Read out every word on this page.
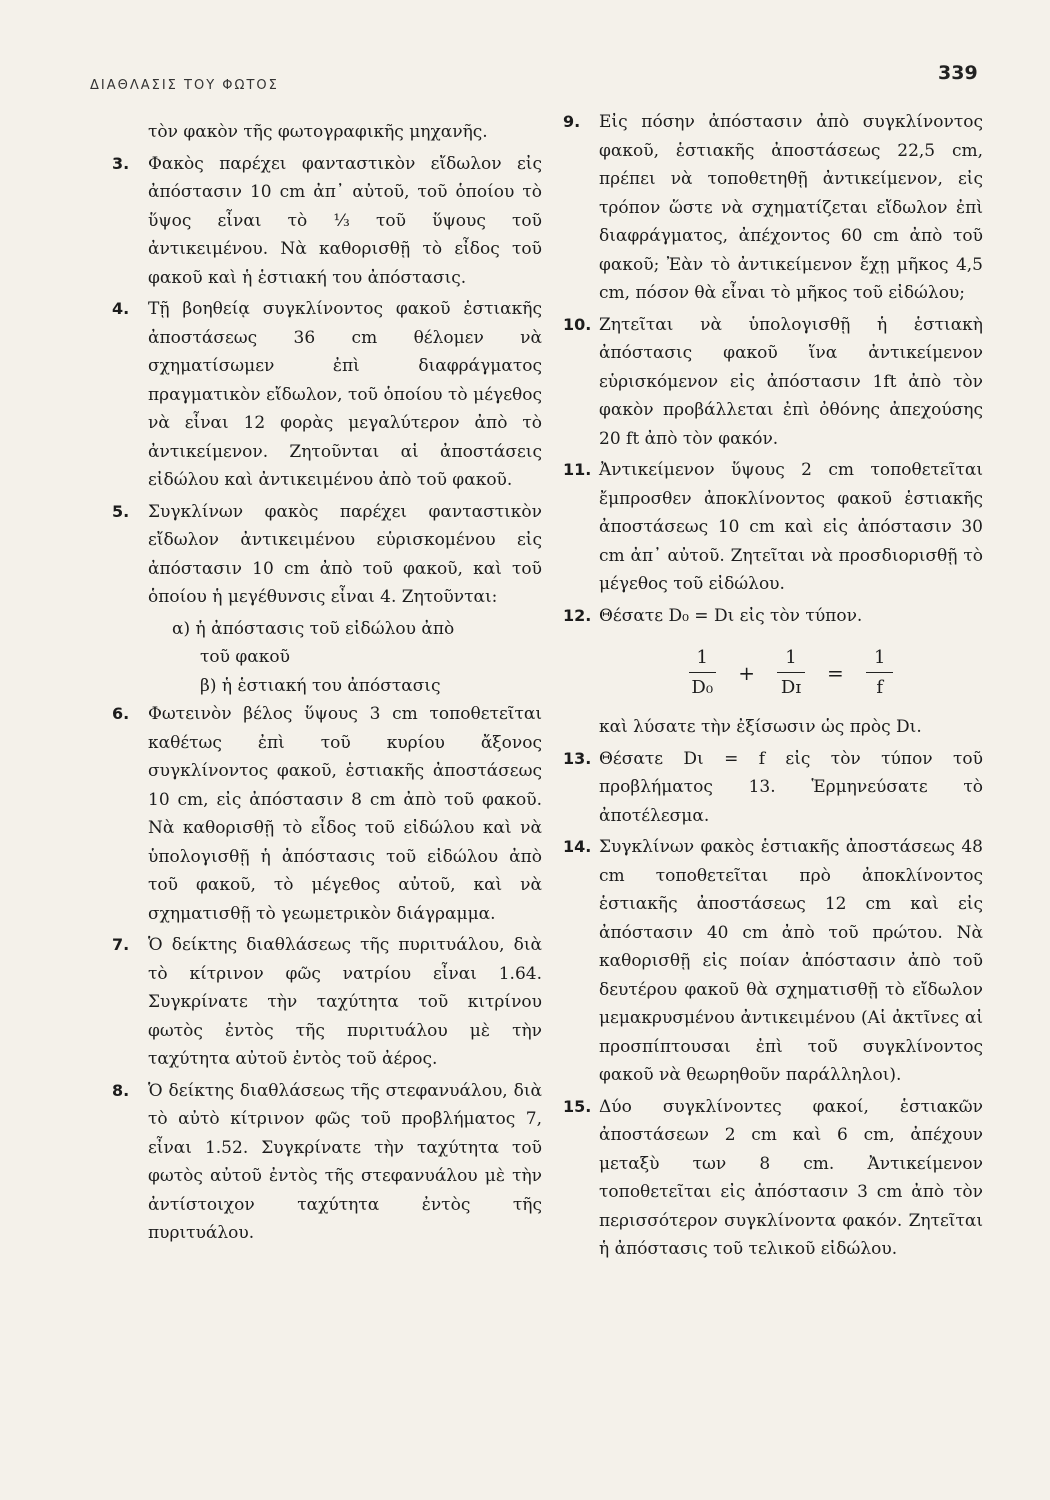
ΔΙΑΘΛΑΣΙΣ ΤΟΥ ΦΩΤΟΣ
339

τὸν φακὸν τῆς φωτογραφικῆς μηχανῆς.

3. Φακὸς παρέχει φανταστικὸν εἴδωλον εἰς ἀπόστασιν 10 cm ἀπ᾽ αὐτοῦ, τοῦ ὁποίου τὸ ὕψος εἶναι τὸ ⅓ τοῦ ὕψους τοῦ ἀντικειμένου. Νὰ καθορισθῇ τὸ εἶδος τοῦ φακοῦ καὶ ἡ ἑστιακή του ἀπόστασις.
4. Τῇ βοηθείᾳ συγκλίνοντος φακοῦ ἑστιακῆς ἀποστάσεως 36 cm θέλομεν νὰ σχηματίσωμεν ἐπὶ διαφράγματος πραγματικὸν εἴδωλον, τοῦ ὁποίου τὸ μέγεθος νὰ εἶναι 12 φορὰς μεγαλύτερον ἀπὸ τὸ ἀντικείμενον. Ζητοῦνται αἱ ἀποστάσεις εἰδώλου καὶ ἀντικειμένου ἀπὸ τοῦ φακοῦ.
5. Συγκλίνων φακὸς παρέχει φανταστικὸν εἴδωλον ἀντικειμένου εὑρισκομένου εἰς ἀπόστασιν 10 cm ἀπὸ τοῦ φακοῦ, καὶ τοῦ ὁποίου ἡ μεγέθυνσις εἶναι 4. Ζητοῦνται:

α) ἡ ἀπόστασις τοῦ εἰδώλου ἀπὸ

τοῦ φακοῦ

β) ἡ ἑστιακή του ἀπόστασις

6. Φωτεινὸν βέλος ὕψους 3 cm τοποθετεῖται καθέτως ἐπὶ τοῦ κυρίου ἄξονος συγκλίνοντος φακοῦ, ἑστιακῆς ἀποστάσεως 10 cm, εἰς ἀπόστασιν 8 cm ἀπὸ τοῦ φακοῦ. Νὰ καθορισθῇ τὸ εἶδος τοῦ εἰδώλου καὶ νὰ ὑπολογισθῇ ἡ ἀπόστασις τοῦ εἰδώλου ἀπὸ τοῦ φακοῦ, τὸ μέγεθος αὐτοῦ, καὶ νὰ σχηματισθῇ τὸ γεωμετρικὸν διάγραμμα.
7. Ὁ δείκτης διαθλάσεως τῆς πυριτυάλου, διὰ τὸ κίτρινον φῶς νατρίου εἶναι 1.64. Συγκρίνατε τὴν ταχύτητα τοῦ κιτρίνου φωτὸς ἐντὸς τῆς πυριτυάλου μὲ τὴν ταχύτητα αὐτοῦ ἐντὸς τοῦ ἀέρος.
8. Ὁ δείκτης διαθλάσεως τῆς στεφανυάλου, διὰ τὸ αὐτὸ κίτρινον φῶς τοῦ προβλήματος 7, εἶναι 1.52. Συγκρίνατε τὴν ταχύτητα τοῦ φωτὸς αὐτοῦ ἐντὸς τῆς στεφανυάλου μὲ τὴν ἀντίστοιχον ταχύτητα ἐντὸς τῆς πυριτυάλου.
9. Εἰς πόσην ἀπόστασιν ἀπὸ συγκλίνοντος φακοῦ, ἑστιακῆς ἀποστάσεως 22,5 cm, πρέπει νὰ τοποθετηθῇ ἀντικείμενον, εἰς τρόπον ὥστε νὰ σχηματίζεται εἴδωλον ἐπὶ διαφράγματος, ἀπέχοντος 60 cm ἀπὸ τοῦ φακοῦ; Ἐὰν τὸ ἀντικείμενον ἔχῃ μῆκος 4,5 cm, πόσον θὰ εἶναι τὸ μῆκος τοῦ εἰδώλου;
10. Ζητεῖται νὰ ὑπολογισθῇ ἡ ἑστιακὴ ἀπόστασις φακοῦ ἵνα ἀντικείμενον εὑρισκόμενον εἰς ἀπόστασιν 1ft ἀπὸ τὸν φακὸν προβάλλεται ἐπὶ ὀθόνης ἀπεχούσης 20 ft ἀπὸ τὸν φακόν.
11. Ἀντικείμενον ὕψους 2 cm τοποθετεῖται ἔμπροσθεν ἀποκλίνοντος φακοῦ ἑστιακῆς ἀποστάσεως 10 cm καὶ εἰς ἀπόστασιν 30 cm ἀπ᾽ αὐτοῦ. Ζητεῖται νὰ προσδιορισθῇ τὸ μέγεθος τοῦ εἰδώλου.
12. Θέσατε D₀ = Dι εἰς τὸν τύπον.
$\frac{1}{\text{D₀}} + \frac{1}{\text{Dɪ}} = \frac{1}{f}$

καὶ λύσατε τὴν ἐξίσωσιν ὡς πρὸς Dι.

13. Θέσατε Dι = f εἰς τὸν τύπον τοῦ προβλήματος 13. Ἑρμηνεύσατε τὸ ἀποτέλεσμα.
14. Συγκλίνων φακὸς ἑστιακῆς ἀποστάσεως 48 cm τοποθετεῖται πρὸ ἀποκλίνοντος ἑστιακῆς ἀποστάσεως 12 cm καὶ εἰς ἀπόστασιν 40 cm ἀπὸ τοῦ πρώτου. Νὰ καθορισθῇ εἰς ποίαν ἀπόστασιν ἀπὸ τοῦ δευτέρου φακοῦ θὰ σχηματισθῇ τὸ εἴδωλον μεμακρυσμένου ἀντικειμένου (Αἱ ἀκτῖνες αἱ προσπίπτουσαι ἐπὶ τοῦ συγκλίνοντος φακοῦ νὰ θεωρηθοῦν παράλληλοι).
15. Δύο συγκλίνοντες φακοί, ἑστιακῶν ἀποστάσεων 2 cm καὶ 6 cm, ἀπέχουν μεταξὺ των 8 cm. Ἀντικείμενον τοποθετεῖται εἰς ἀπόστασιν 3 cm ἀπὸ τὸν περισσότερον συγκλίνοντα φακόν. Ζητεῖται ἡ ἀπόστασις τοῦ τελικοῦ εἰδώλου.
